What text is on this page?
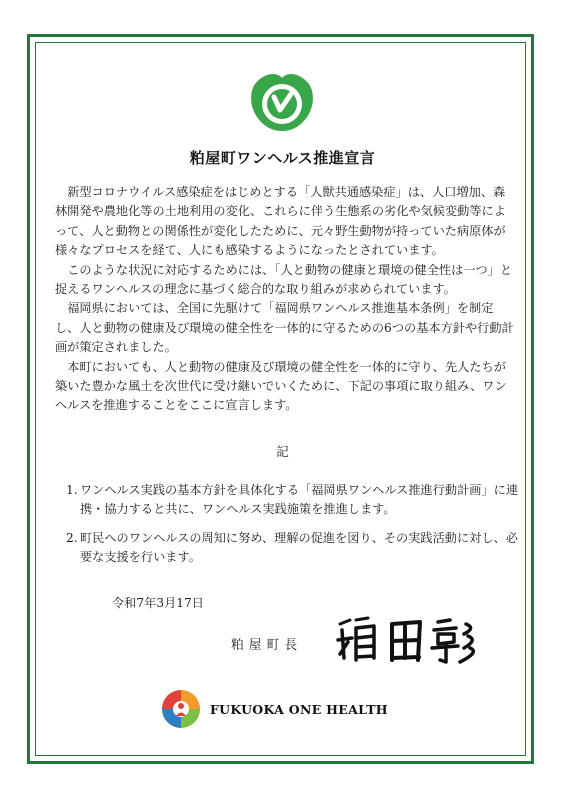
粕屋町ワンヘルス推進宣言

新型コロナウイルス感染症をはじめとする「人獣共通感染症」は、人口増加、森林開発や農地化等の土地利用の変化、これらに伴う生態系の劣化や気候変動等によって、人と動物との関係性が変化したために、元々野生動物が持っていた病原体が様々なプロセスを経て、人にも感染するようになったとされています。

このような状況に対応するためには、「人と動物の健康と環境の健全性は一つ」と捉えるワンヘルスの理念に基づく総合的な取り組みが求められています。

福岡県においては、全国に先駆けて「福岡県ワンヘルス推進基本条例」を制定し、人と動物の健康及び環境の健全性を一体的に守るための6つの基本方針や行動計画が策定されました。

本町においても、人と動物の健康及び環境の健全性を一体的に守り、先人たちが築いた豊かな風土を次世代に受け継いでいくために、下記の事項に取り組み、ワンヘルスを推進することをここに宣言します。

記
1. ワンヘルス実践の基本方針を具体化する「福岡県ワンヘルス推進行動計画」に連携・協力すると共に、ワンヘルス実践施策を推進します。
2. 町民へのワンヘルスの周知に努め、理解の促進を図り、その実践活動に対し、必要な支援を行います。
令和7年3月17日
粕屋町長
FUKUOKA ONE HEALTH
